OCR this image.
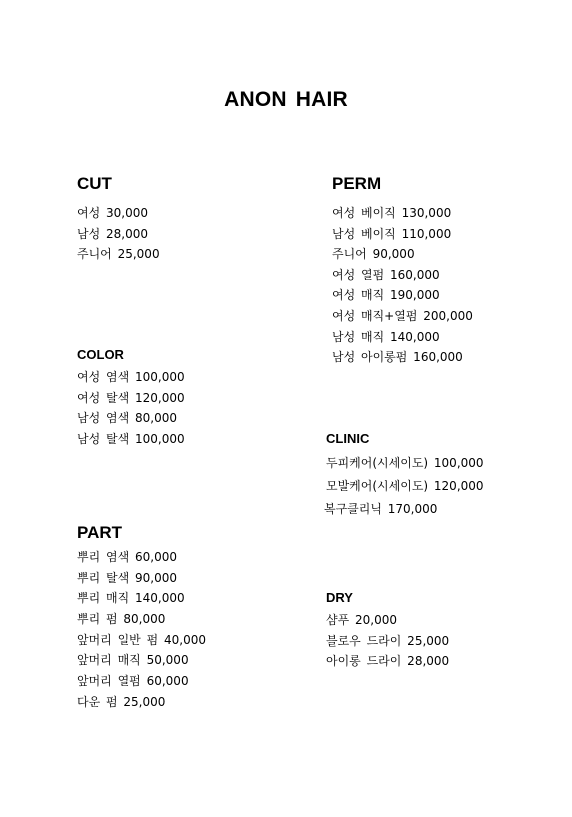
ANON HAIR
CUT
여성 30,000
남성 28,000
주니어 25,000
PERM
여성 베이직 130,000
남성 베이직 110,000
주니어 90,000
여성 열펌 160,000
여성 매직 190,000
여성 매직+열펌 200,000
남성 매직 140,000
남성 아이롱펌 160,000
COLOR
여성 염색 100,000
여성 탈색 120,000
남성 염색 80,000
남성 탈색 100,000	CLINIC
두피케어(시세이도) 100,000
모발케어(시세이도) 120,000
복구클리닉 170,000
PART
뿌리 염색 60,000
뿌리 탈색 90,000
뿌리 매직 140,000
뿌리 펌 80,000
앞머리 일반 펌 40,000
앞머리 매직 50,000
앞머리 열펌 60,000
다운 펌 25,000
DRY
샴푸 20,000
블로우 드라이 25,000
아이롱 드라이 28,000
